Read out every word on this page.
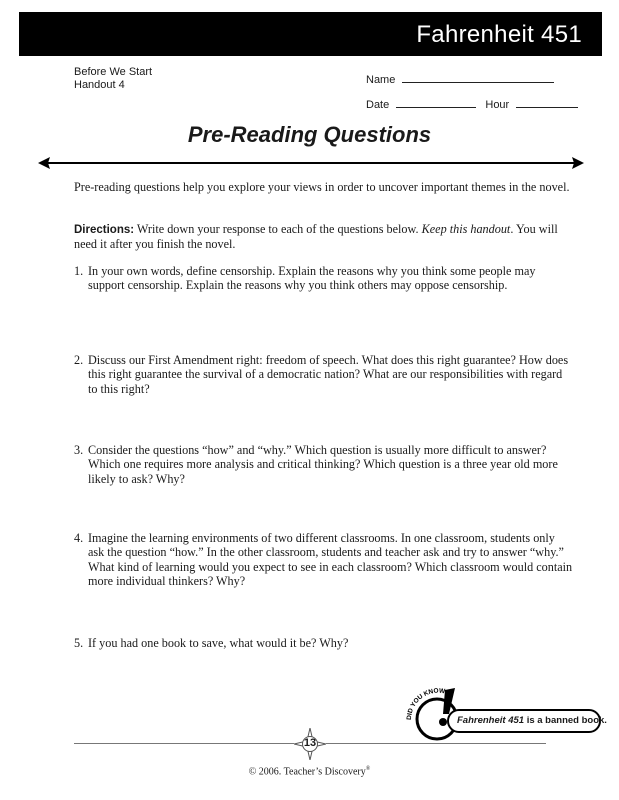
Fahrenheit 451
Before We Start
Handout 4	Name
Date	Hour
Pre-Reading Questions
Pre-reading questions help you explore your views in order to uncover important themes in the novel.
Directions: Write down your response to each of the questions below. Keep this handout. You will need it after you finish the novel.
1. In your own words, define censorship. Explain the reasons why you think some people may support censorship. Explain the reasons why you think others may oppose censorship.
2. Discuss our First Amendment right: freedom of speech. What does this right guarantee? How does this right guarantee the survival of a democratic nation? What are our responsibilities with regard to this right?
3. Consider the questions “how” and “why.” Which question is usually more difficult to answer? Which one requires more analysis and critical thinking? Which question is a three year old more likely to ask? Why?
4. Imagine the learning environments of two different classrooms. In one classroom, students only ask the question “how.” In the other classroom, students and teacher ask and try to answer “why.” What kind of learning would you expect to see in each classroom? Which classroom would contain more individual thinkers? Why?
5. If you had one book to save, what would it be? Why?
DID YOU KNOW
Fahrenheit 451 is a banned book.
13
© 2006. Teacher’s Discovery®
